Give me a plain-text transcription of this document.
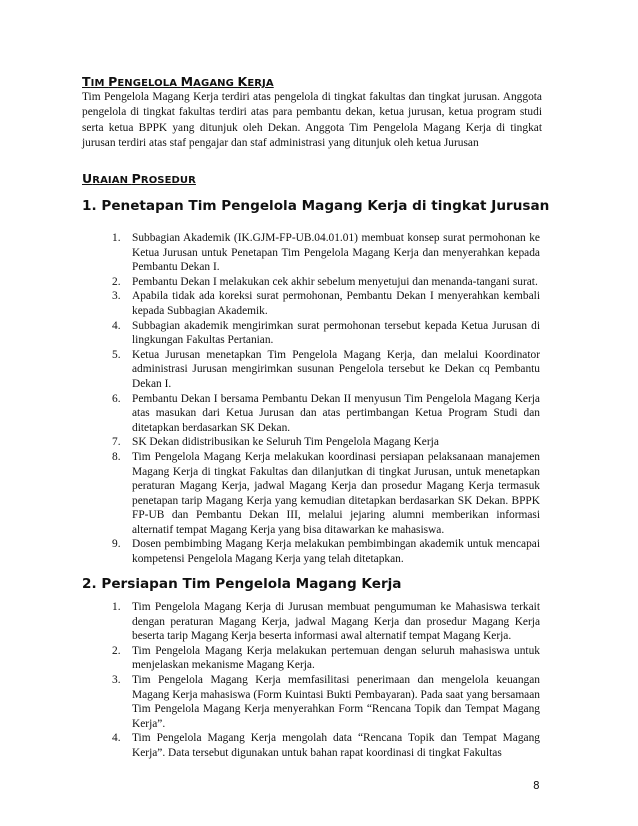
TIM PENGELOLA MAGANG KERJA
Tim Pengelola Magang Kerja terdiri atas pengelola di tingkat fakultas dan tingkat jurusan. Anggota pengelola di tingkat fakultas terdiri atas para pembantu dekan, ketua jurusan, ketua program studi serta ketua BPPK yang ditunjuk oleh Dekan. Anggota Tim Pengelola Magang Kerja di tingkat jurusan terdiri atas staf pengajar dan staf administrasi yang ditunjuk oleh ketua Jurusan
URAIAN PROSEDUR
1. Penetapan Tim Pengelola Magang Kerja di tingkat Jurusan
1. Subbagian Akademik (IK.GJM-FP-UB.04.01.01) membuat konsep surat permohonan ke Ketua Jurusan untuk Penetapan Tim Pengelola Magang Kerja dan menyerahkan kepada Pembantu Dekan I.
2. Pembantu Dekan I melakukan cek akhir sebelum menyetujui dan menanda-tangani surat.
3. Apabila tidak ada koreksi surat permohonan, Pembantu Dekan I menyerahkan kembali kepada Subbagian Akademik.
4. Subbagian akademik mengirimkan surat permohonan tersebut kepada Ketua Jurusan di lingkungan Fakultas Pertanian.
5. Ketua Jurusan menetapkan Tim Pengelola Magang Kerja, dan melalui Koordinator administrasi Jurusan mengirimkan susunan Pengelola tersebut ke Dekan cq Pembantu Dekan I.
6. Pembantu Dekan I bersama Pembantu Dekan II menyusun Tim Pengelola Magang Kerja atas masukan dari Ketua Jurusan dan atas pertimbangan Ketua Program Studi dan ditetapkan berdasarkan SK Dekan.
7. SK Dekan didistribusikan ke Seluruh Tim Pengelola Magang Kerja
8. Tim Pengelola Magang Kerja melakukan koordinasi persiapan pelaksanaan manajemen Magang Kerja di tingkat Fakultas dan dilanjutkan di tingkat Jurusan, untuk menetapkan peraturan Magang Kerja, jadwal Magang Kerja dan prosedur Magang Kerja termasuk penetapan tarip Magang Kerja yang kemudian ditetapkan berdasarkan SK Dekan. BPPK FP-UB dan Pembantu Dekan III, melalui jejaring alumni memberikan informasi alternatif tempat Magang Kerja yang bisa ditawarkan ke mahasiswa.
9. Dosen pembimbing Magang Kerja melakukan pembimbingan akademik untuk mencapai kompetensi Pengelola Magang Kerja yang telah ditetapkan.
2. Persiapan Tim Pengelola Magang Kerja
1. Tim Pengelola Magang Kerja di Jurusan membuat pengumuman ke Mahasiswa terkait dengan peraturan Magang Kerja, jadwal Magang Kerja dan prosedur Magang Kerja beserta tarip Magang Kerja beserta informasi awal alternatif tempat Magang Kerja.
2. Tim Pengelola Magang Kerja melakukan pertemuan dengan seluruh mahasiswa untuk menjelaskan mekanisme Magang Kerja.
3. Tim Pengelola Magang Kerja memfasilitasi penerimaan dan mengelola keuangan Magang Kerja mahasiswa (Form Kuintasi Bukti Pembayaran). Pada saat yang bersamaan Tim Pengelola Magang Kerja menyerahkan Form “Rencana Topik dan Tempat Magang Kerja”.
4. Tim Pengelola Magang Kerja mengolah data “Rencana Topik dan Tempat Magang Kerja”. Data tersebut digunakan untuk bahan rapat koordinasi di tingkat Fakultas
8
